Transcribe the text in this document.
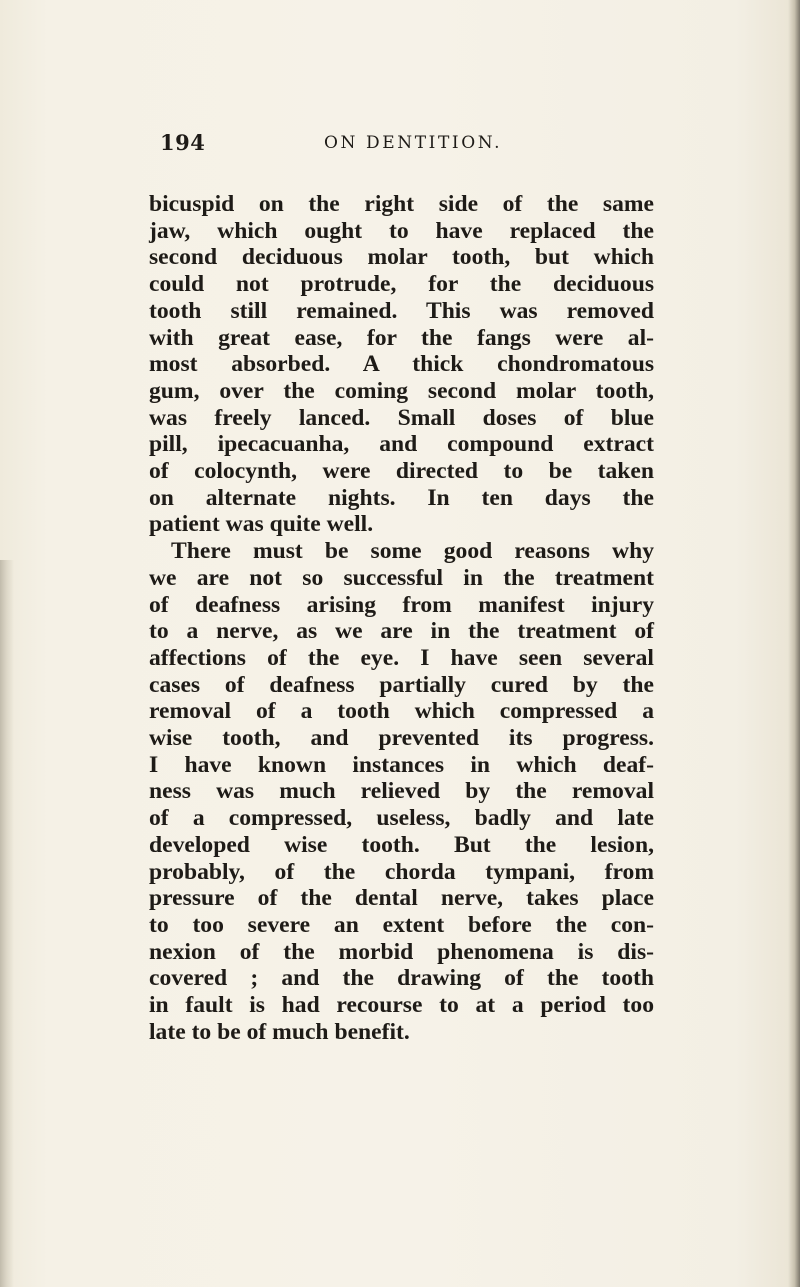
194	ON DENTITION.
bicuspid on the right side of the same
jaw, which ought to have replaced the
second deciduous molar tooth, but which
could not protrude, for the deciduous
tooth still remained. This was removed
with great ease, for the fangs were al-
most absorbed. A thick chondromatous
gum, over the coming second molar tooth,
was freely lanced. Small doses of blue
pill, ipecacuanha, and compound extract
of colocynth, were directed to be taken
on alternate nights. In ten days the
patient was quite well.
There must be some good reasons why
we are not so successful in the treatment
of deafness arising from manifest injury
to a nerve, as we are in the treatment of
affections of the eye. I have seen several
cases of deafness partially cured by the
removal of a tooth which compressed a
wise tooth, and prevented its progress.
I have known instances in which deaf-
ness was much relieved by the removal
of a compressed, useless, badly and late
developed wise tooth. But the lesion,
probably, of the chorda tympani, from
pressure of the dental nerve, takes place
to too severe an extent before the con-
nexion of the morbid phenomena is dis-
covered ; and the drawing of the tooth
in fault is had recourse to at a period too
late to be of much benefit.
